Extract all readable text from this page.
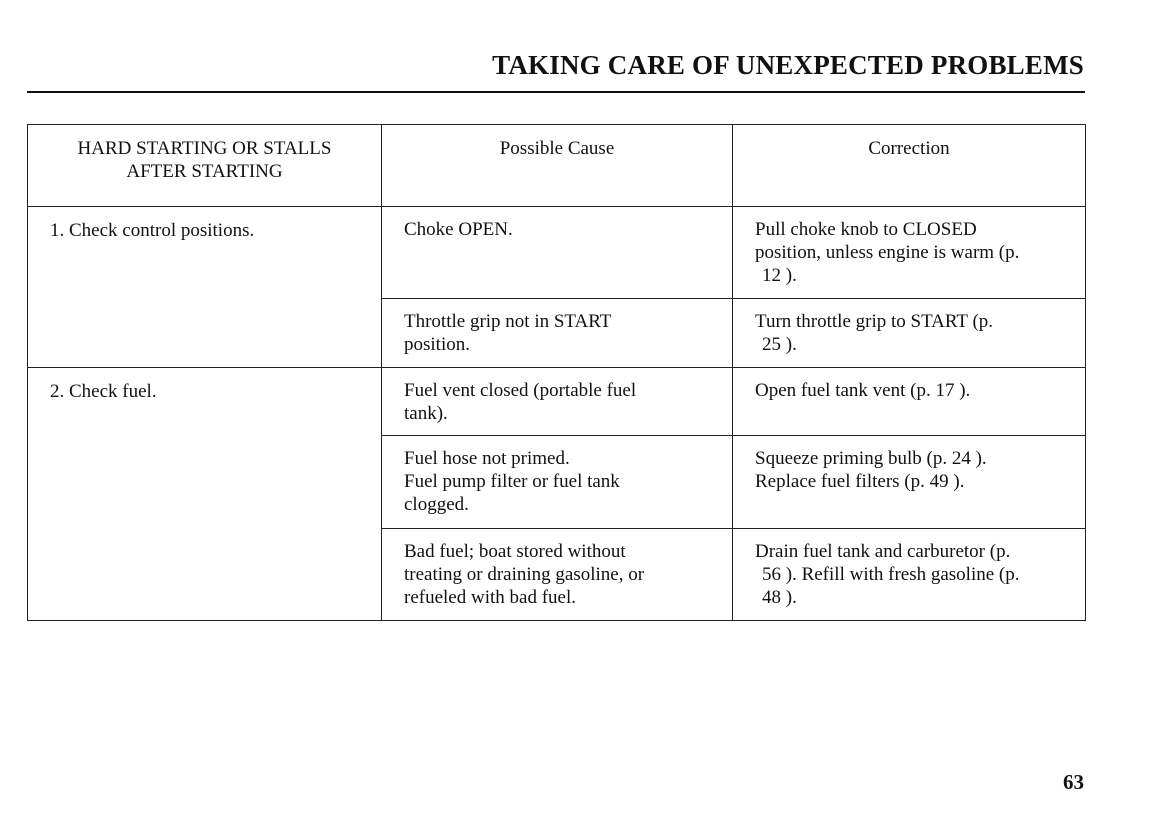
TAKING CARE OF UNEXPECTED PROBLEMS
HARD STARTING OR STALLS
AFTER STARTING	Possible Cause	Correction
1. Check control positions.	Choke OPEN.	Pull choke knob to CLOSED
position, unless engine is warm (p.
12 ).

	Throttle grip not in START
position.	Turn throttle grip to START (p.
25 ).

2. Check fuel.	Fuel vent closed (portable fuel
tank).	Open fuel tank vent (p. 17 ).

	Fuel hose not primed.
Fuel pump filter or fuel tank
clogged.	Squeeze priming bulb (p. 24 ).
Replace fuel filters (p. 49 ).

	Bad fuel; boat stored without
treating or draining gasoline, or
refueled with bad fuel.	Drain fuel tank and carburetor (p.
56 ). Refill with fresh gasoline (p.
48 ).
63
